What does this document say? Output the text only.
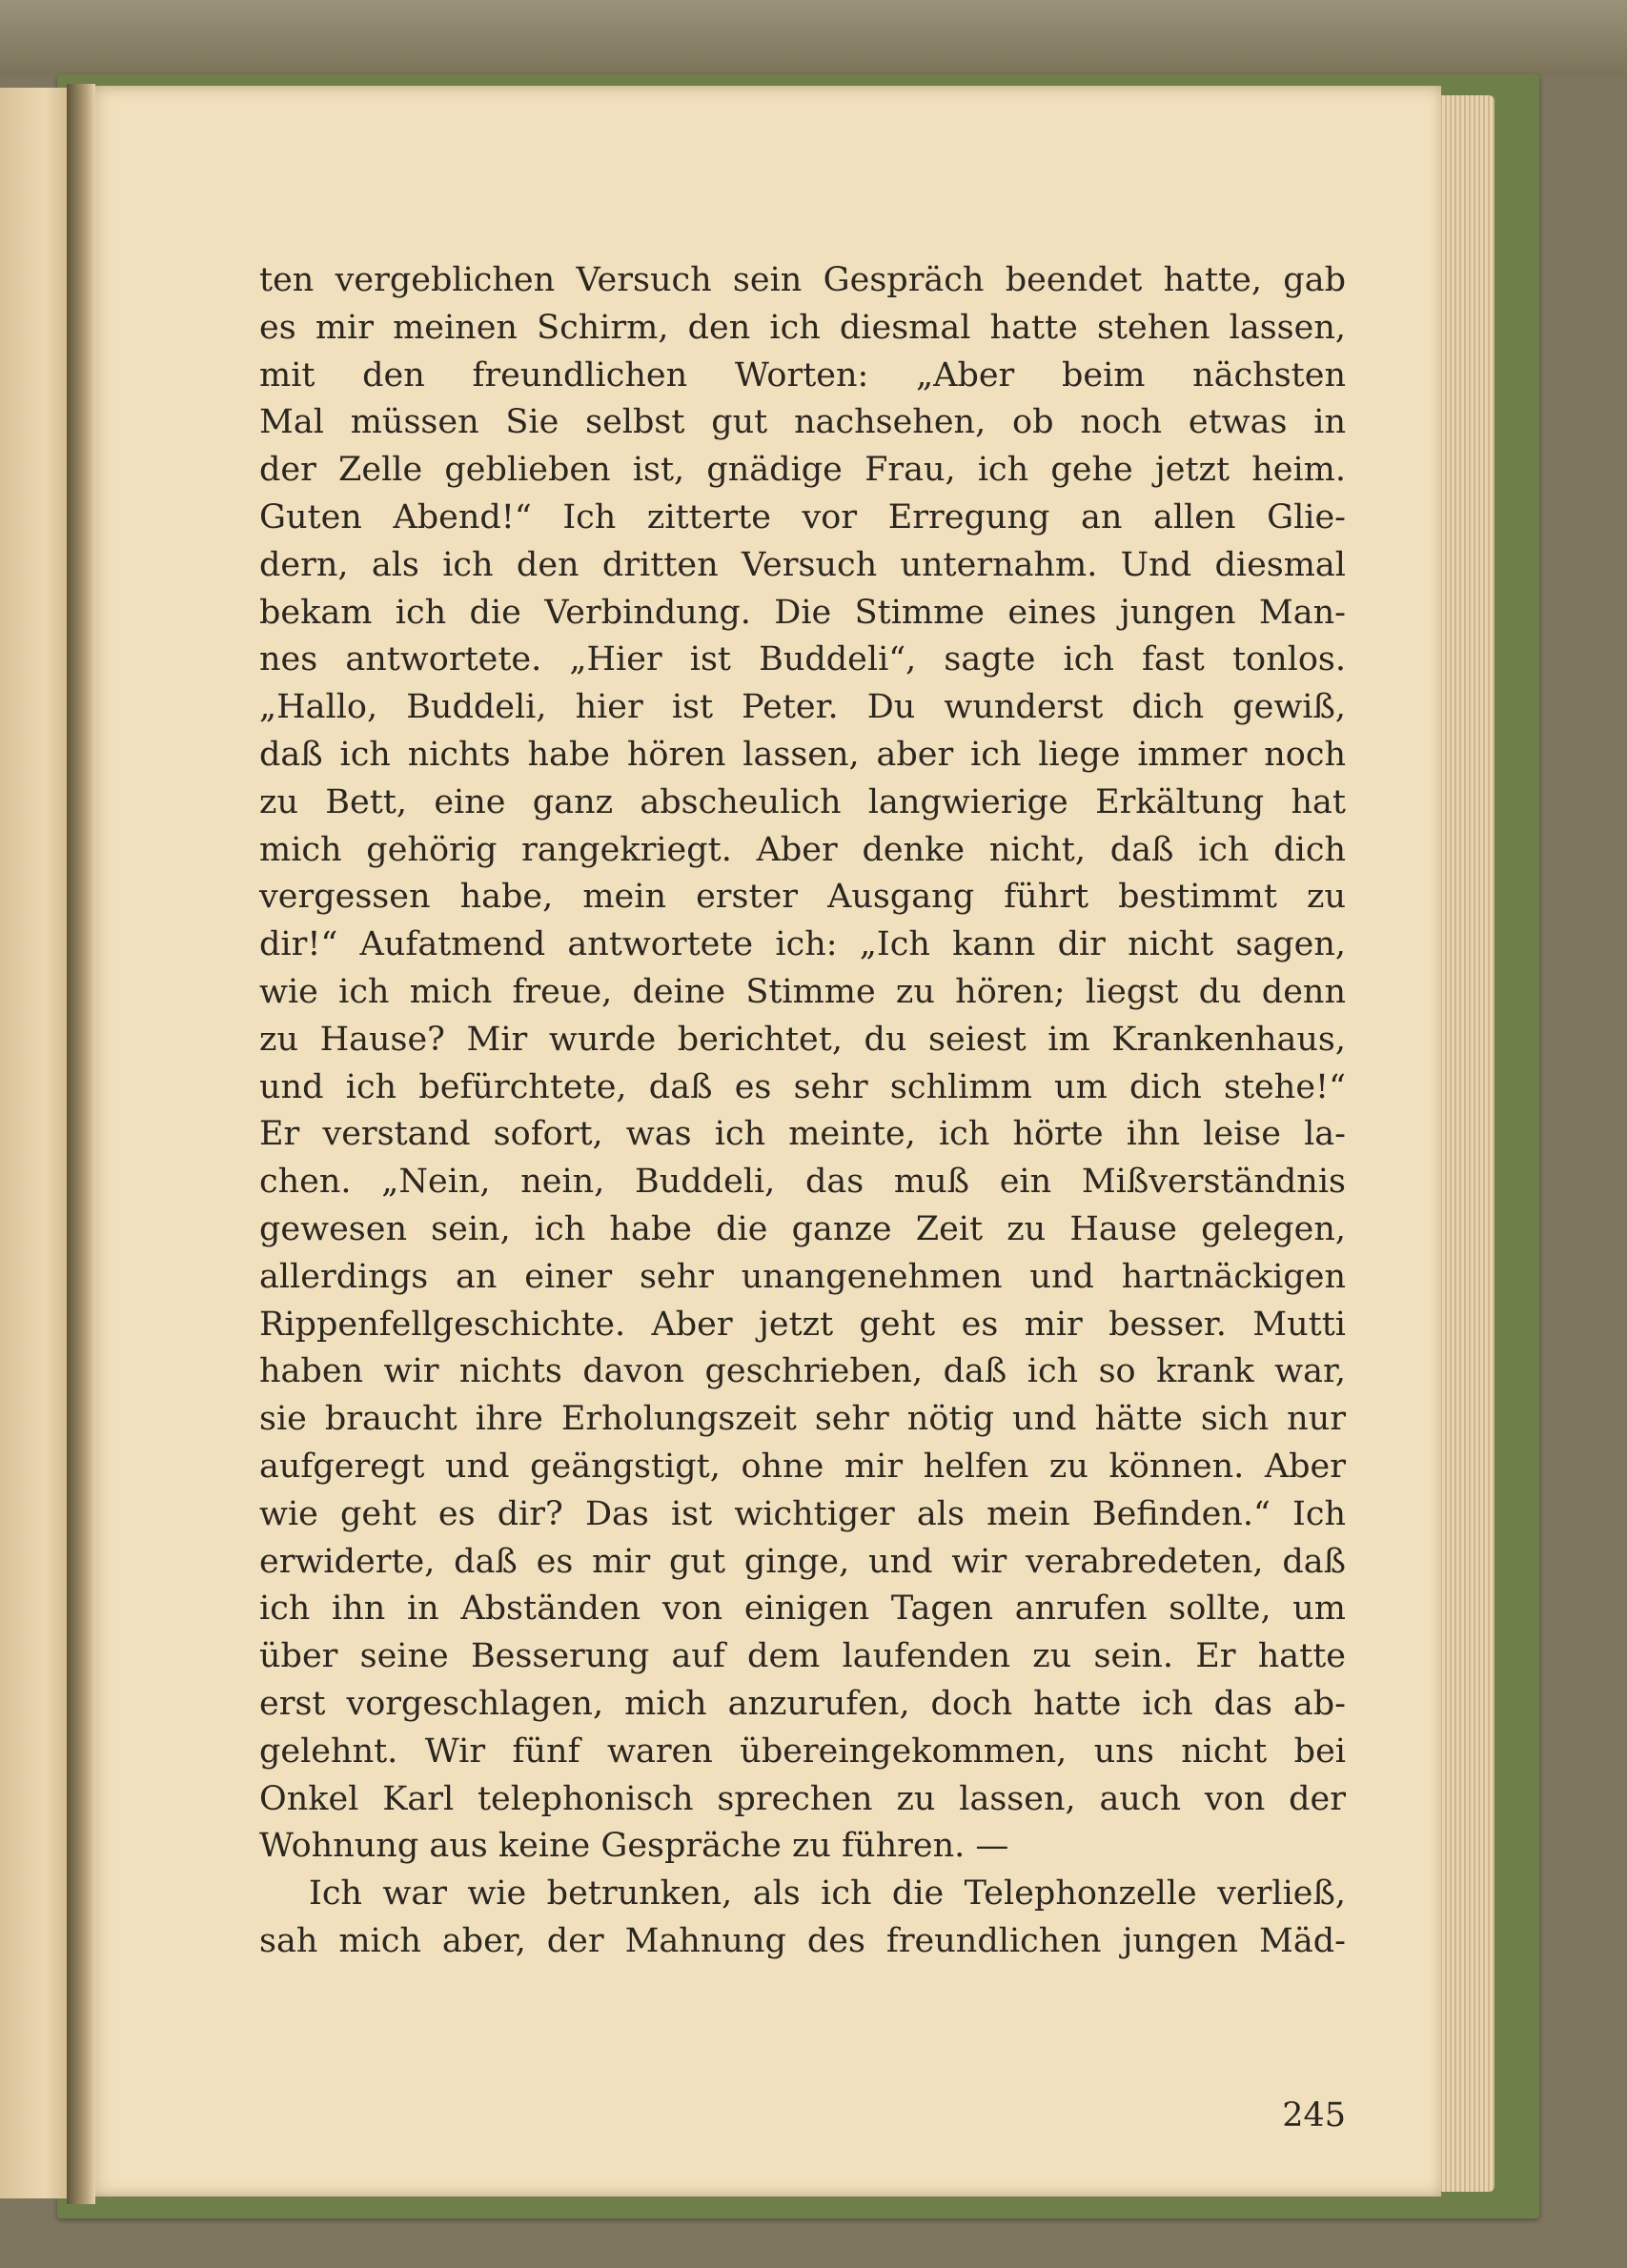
ten vergeblichen Versuch sein Gespräch beendet hatte, gab
es mir meinen Schirm, den ich diesmal hatte stehen lassen,
mit den freundlichen Worten: „Aber beim nächsten
Mal müssen Sie selbst gut nachsehen, ob noch etwas in
der Zelle geblieben ist, gnädige Frau, ich gehe jetzt heim.
Guten Abend!“ Ich zitterte vor Erregung an allen Glie-
dern, als ich den dritten Versuch unternahm. Und diesmal
bekam ich die Verbindung. Die Stimme eines jungen Man-
nes antwortete. „Hier ist Buddeli“, sagte ich fast tonlos.
„Hallo, Buddeli, hier ist Peter. Du wunderst dich gewiß,
daß ich nichts habe hören lassen, aber ich liege immer noch
zu Bett, eine ganz abscheulich langwierige Erkältung hat
mich gehörig rangekriegt. Aber denke nicht, daß ich dich
vergessen habe, mein erster Ausgang führt bestimmt zu
dir!“ Aufatmend antwortete ich: „Ich kann dir nicht sagen,
wie ich mich freue, deine Stimme zu hören; liegst du denn
zu Hause? Mir wurde berichtet, du seiest im Krankenhaus,
und ich befürchtete, daß es sehr schlimm um dich stehe!“
Er verstand sofort, was ich meinte, ich hörte ihn leise la-
chen. „Nein, nein, Buddeli, das muß ein Mißverständnis
gewesen sein, ich habe die ganze Zeit zu Hause gelegen,
allerdings an einer sehr unangenehmen und hartnäckigen
Rippenfellgeschichte. Aber jetzt geht es mir besser. Mutti
haben wir nichts davon geschrieben, daß ich so krank war,
sie braucht ihre Erholungszeit sehr nötig und hätte sich nur
aufgeregt und geängstigt, ohne mir helfen zu können. Aber
wie geht es dir? Das ist wichtiger als mein Befinden.“ Ich
erwiderte, daß es mir gut ginge, und wir verabredeten, daß
ich ihn in Abständen von einigen Tagen anrufen sollte, um
über seine Besserung auf dem laufenden zu sein. Er hatte
erst vorgeschlagen, mich anzurufen, doch hatte ich das ab-
gelehnt. Wir fünf waren übereingekommen, uns nicht bei
Onkel Karl telephonisch sprechen zu lassen, auch von der
Wohnung aus keine Gespräche zu führen. —
Ich war wie betrunken, als ich die Telephonzelle verließ,
sah mich aber, der Mahnung des freundlichen jungen Mäd-
245
